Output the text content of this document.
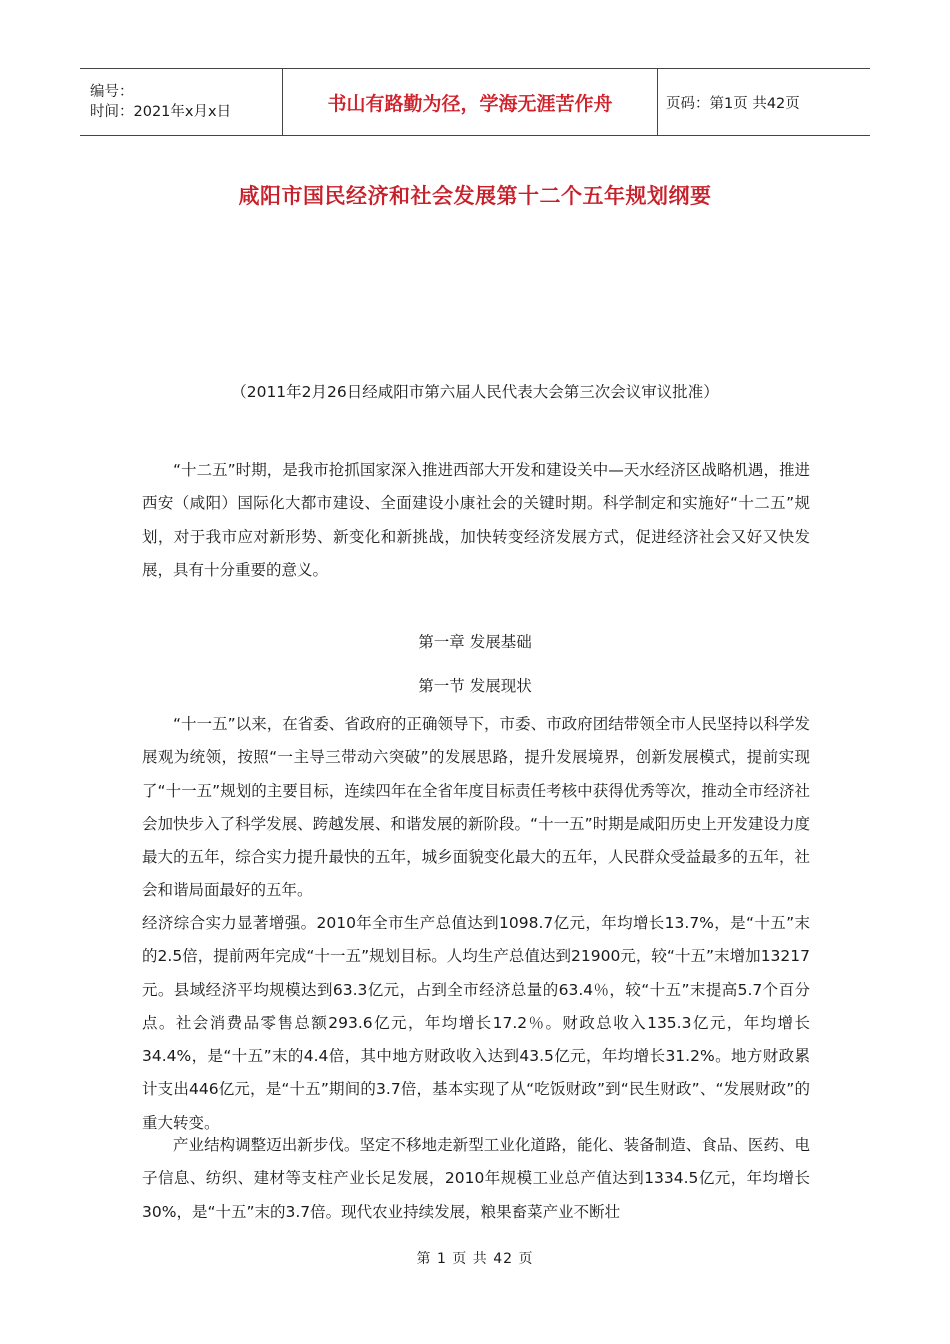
编号：
时间：2021年x月x日	书山有路勤为径，学海无涯苦作舟	页码：第1页 共42页
咸阳市国民经济和社会发展第十二个五年规划纲要
（2011年2月26日经咸阳市第六届人民代表大会第三次会议审议批准）
“十二五”时期，是我市抢抓国家深入推进西部大开发和建设关中—天水经济区战略机遇，推进西安（咸阳）国际化大都市建设、全面建设小康社会的关键时期。科学制定和实施好“十二五”规划，对于我市应对新形势、新变化和新挑战，加快转变经济发展方式，促进经济社会又好又快发展，具有十分重要的意义。
第一章 发展基础
第一节 发展现状
“十一五”以来，在省委、省政府的正确领导下，市委、市政府团结带领全市人民坚持以科学发展观为统领，按照“一主导三带动六突破”的发展思路，提升发展境界，创新发展模式，提前实现了“十一五”规划的主要目标，连续四年在全省年度目标责任考核中获得优秀等次，推动全市经济社会加快步入了科学发展、跨越发展、和谐发展的新阶段。“十一五”时期是咸阳历史上开发建设力度最大的五年，综合实力提升最快的五年，城乡面貌变化最大的五年，人民群众受益最多的五年，社会和谐局面最好的五年。
经济综合实力显著增强。2010年全市生产总值达到1098.7亿元，年均增长13.7%，是“十五”末的2.5倍，提前两年完成“十一五”规划目标。人均生产总值达到21900元，较“十五”末增加13217元。县域经济平均规模达到63.3亿元，占到全市经济总量的63.4％，较“十五”末提高5.7个百分点。社会消费品零售总额293.6亿元，年均增长17.2％。财政总收入135.3亿元，年均增长34.4%，是“十五”末的4.4倍，其中地方财政收入达到43.5亿元，年均增长31.2%。地方财政累计支出446亿元，是“十五”期间的3.7倍，基本实现了从“吃饭财政”到“民生财政”、“发展财政”的重大转变。
产业结构调整迈出新步伐。坚定不移地走新型工业化道路，能化、装备制造、食品、医药、电子信息、纺织、建材等支柱产业长足发展，2010年规模工业总产值达到1334.5亿元，年均增长30%，是“十五”末的3.7倍。现代农业持续发展，粮果畜菜产业不断壮
第 1 页 共 42 页
